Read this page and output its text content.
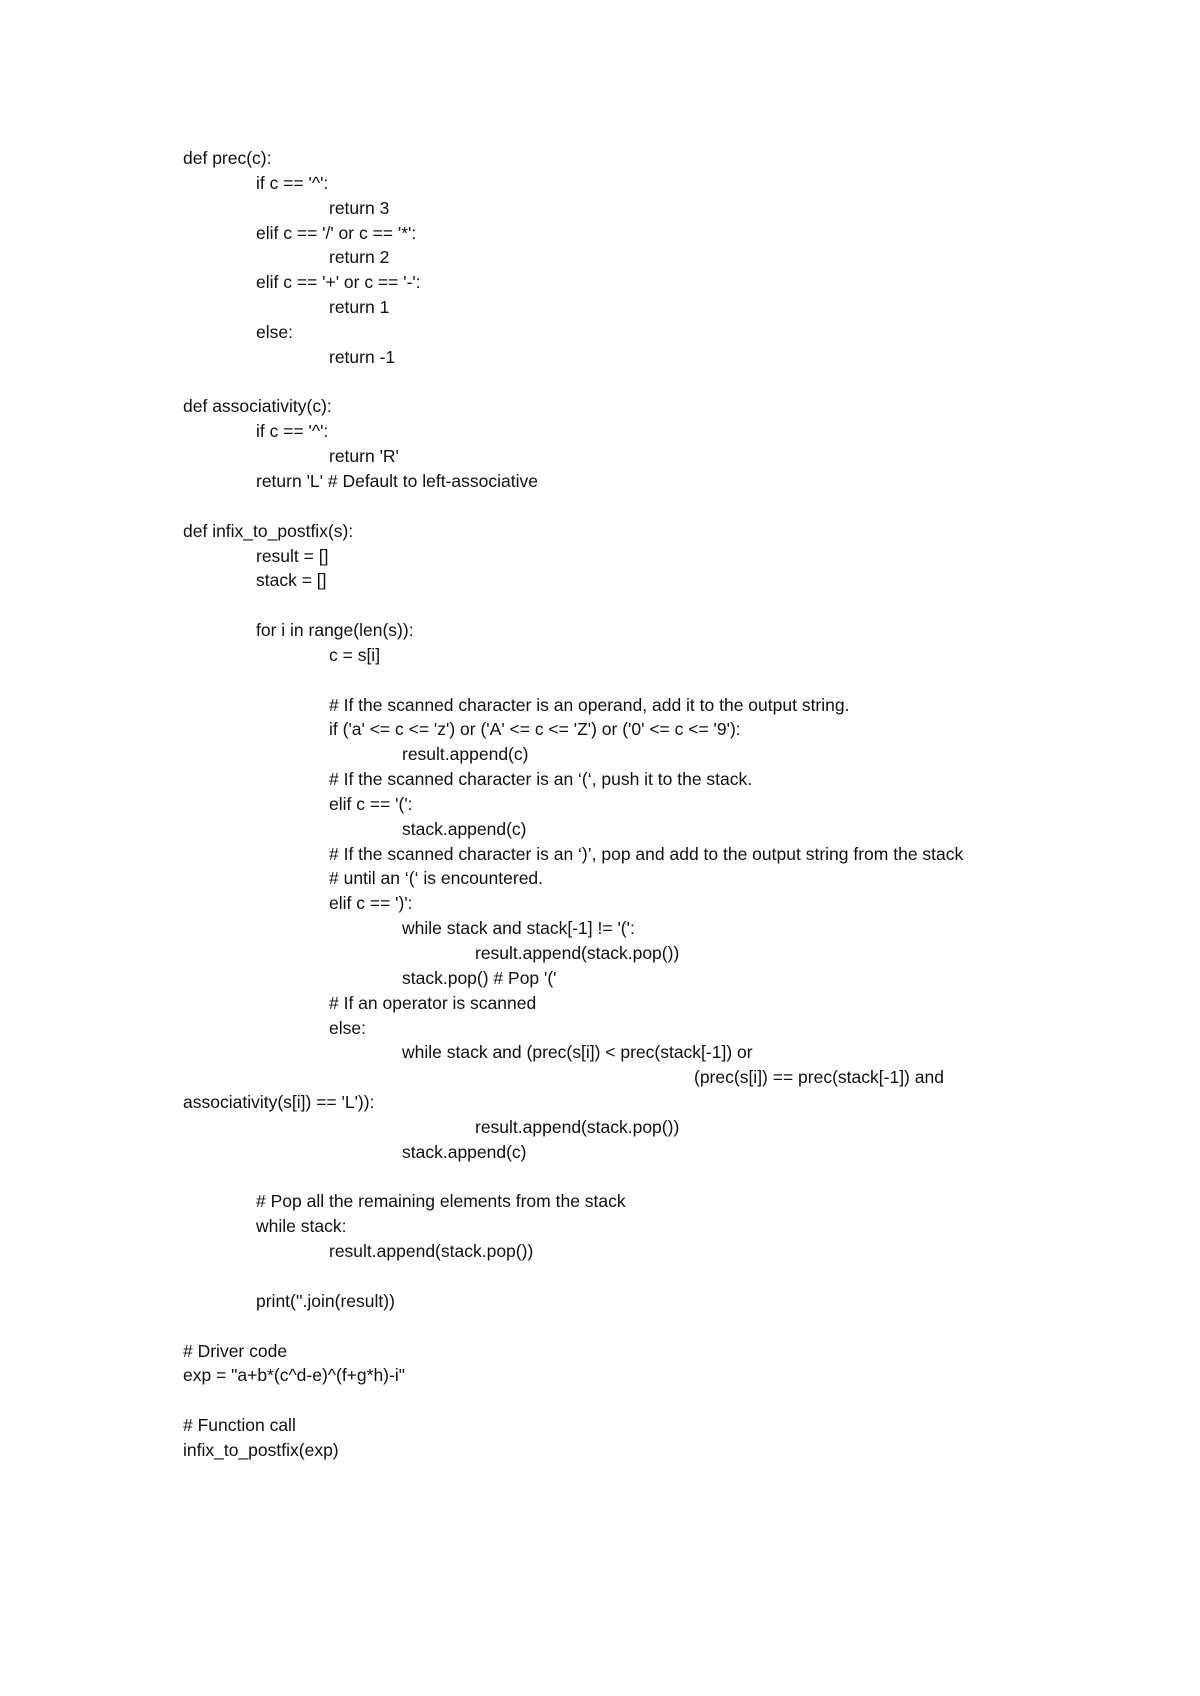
def prec(c):
if c == '^':
return 3
elif c == '/' or c == '*':
return 2
elif c == '+' or c == '-':
return 1
else:
return -1
def associativity(c):
if c == '^':
return 'R'
return 'L' # Default to left-associative
def infix_to_postfix(s):
result = []
stack = []
for i in range(len(s)):
c = s[i]
# If the scanned character is an operand, add it to the output string.
if ('a' <= c <= 'z') or ('A' <= c <= 'Z') or ('0' <= c <= '9'):
result.append(c)
# If the scanned character is an ‘(‘, push it to the stack.
elif c == '(':
stack.append(c)
# If the scanned character is an ‘)’, pop and add to the output string from the stack
# until an ‘(‘ is encountered.
elif c == ')':
while stack and stack[-1] != '(':
result.append(stack.pop())
stack.pop() # Pop '('
# If an operator is scanned
else:
while stack and (prec(s[i]) < prec(stack[-1]) or
(prec(s[i]) == prec(stack[-1]) and
associativity(s[i]) == 'L')):
result.append(stack.pop())
stack.append(c)
# Pop all the remaining elements from the stack
while stack:
result.append(stack.pop())
print(''.join(result))
# Driver code
exp = "a+b*(c^d-e)^(f+g*h)-i"
# Function call
infix_to_postfix(exp)
